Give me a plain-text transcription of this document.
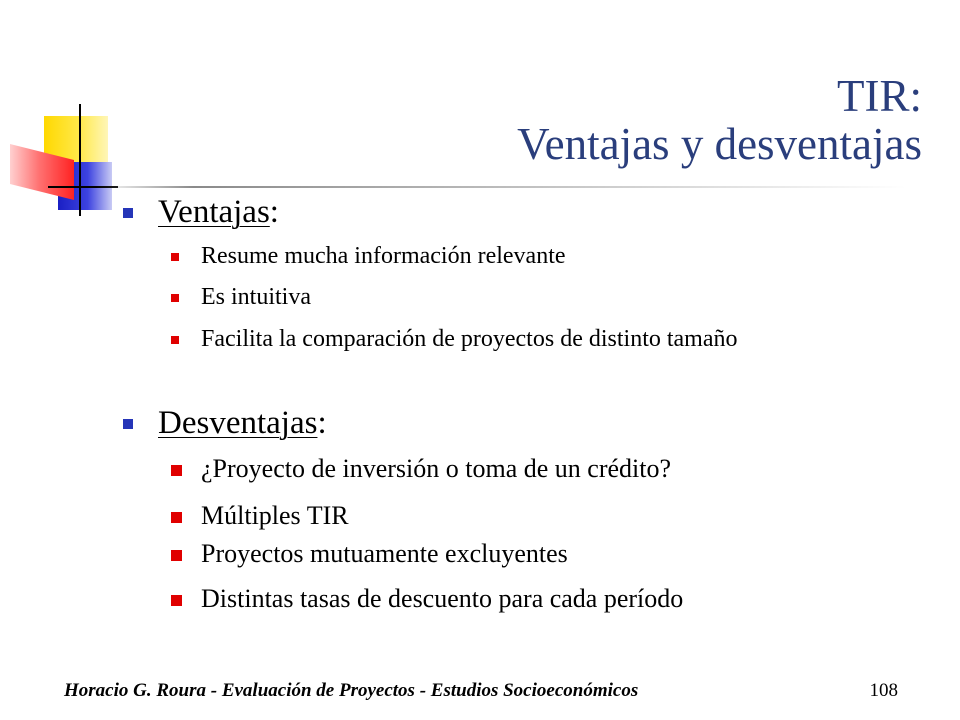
TIR:
Ventajas y desventajas
Ventajas:
Resume mucha información relevante
Es intuitiva
Facilita la comparación de proyectos de distinto tamaño
Desventajas:
¿Proyecto de inversión o toma de un crédito?
Múltiples TIR
Proyectos mutuamente excluyentes
Distintas tasas de descuento para cada período
Horacio G. Roura - Evaluación de Proyectos - Estudios Socioeconómicos	108
